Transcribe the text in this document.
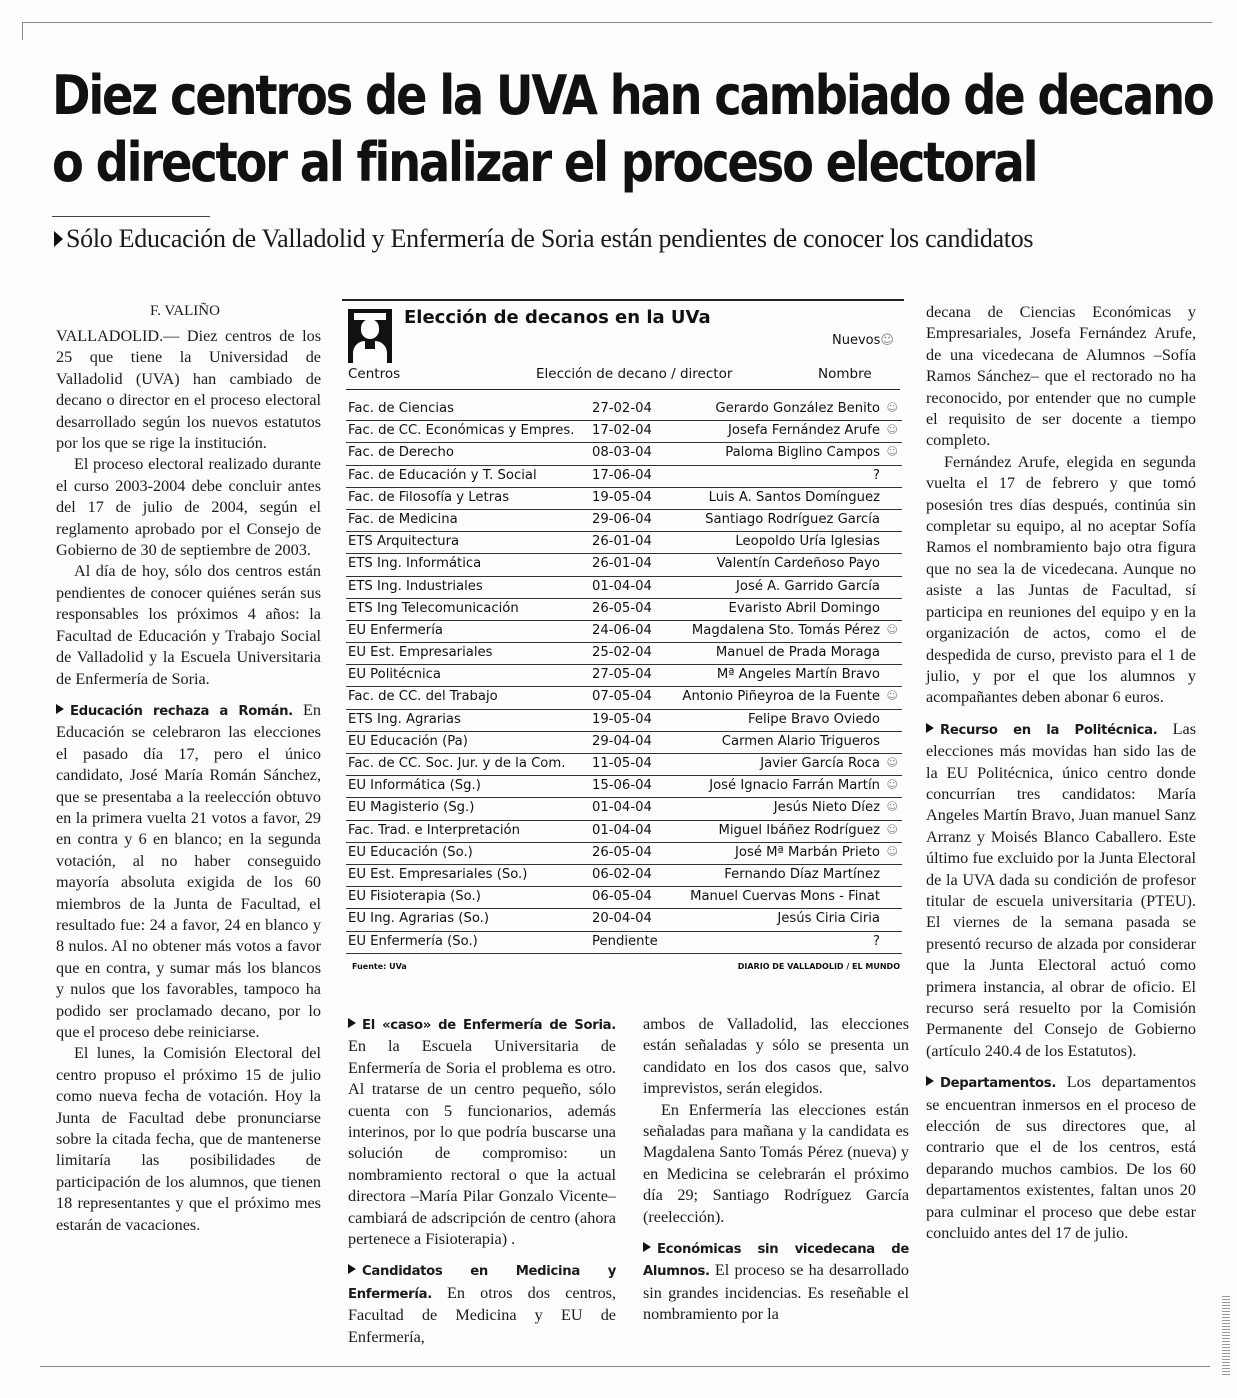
Diez centros de la UVA han cambiado de decano
o director al finalizar el proceso electoral
Sólo Educación de Valladolid y Enfermería de Soria están pendientes de conocer los candidatos
F. VALIÑO

VALLADOLID.— Diez centros de los 25 que tiene la Universidad de Valladolid (UVA) han cambiado de decano o director en el proceso electoral desarrollado según los nuevos estatutos por los que se rige la institución.

El proceso electoral realizado durante el curso 2003-2004 debe concluir antes del 17 de julio de 2004, según el reglamento aprobado por el Consejo de Gobierno de 30 de septiembre de 2003.

Al día de hoy, sólo dos centros están pendientes de conocer quiénes serán sus responsables los próximos 4 años: la Facultad de Educación y Trabajo Social de Valladolid y la Escuela Universitaria de Enfermería de Soria.

Educación rechaza a Román. En Educación se celebraron las elecciones el pasado día 17, pero el único candidato, José María Román Sánchez, que se presentaba a la reelección obtuvo en la primera vuelta 21 votos a favor, 29 en contra y 6 en blanco; en la segunda votación, al no haber conseguido mayoría absoluta exigida de los 60 miembros de la Junta de Facultad, el resultado fue: 24 a favor, 24 en blanco y 8 nulos. Al no obtener más votos a favor que en contra, y sumar más los blancos y nulos que los favorables, tampoco ha podido ser proclamado decano, por lo que el proceso debe reiniciarse.

El lunes, la Comisión Electoral del centro propuso el próximo 15 de julio como nueva fecha de votación. Hoy la Junta de Facultad debe pronunciarse sobre la citada fecha, que de mantenerse limitaría las posibilidades de participación de los alumnos, que tienen 18 representantes y que el próximo mes estarán de vacaciones.

Elección de decanos en la UVa
Nuevos☺
Centros	Elección de decano / director	Nombre
Fac. de Ciencias	27-02-04	Gerardo González Benito ☺
Fac. de CC. Económicas y Empres. 17-02-04	Josefa Fernández Arufe ☺
Fac. de Derecho	08-03-04	Paloma Biglino Campos ☺
Fac. de Educación y T. Social	17-06-04	?
Fac. de Filosofía y Letras	19-05-04	Luis A. Santos Domínguez
Fac. de Medicina	29-06-04	Santiago Rodríguez García
ETS Arquitectura	26-01-04	Leopoldo Uría Iglesias
ETS Ing. Informática	26-01-04	Valentín Cardeñoso Payo
ETS Ing. Industriales	01-04-04	José A. Garrido García
ETS Ing Telecomunicación	26-05-04	Evaristo Abril Domingo
EU Enfermería	24-06-04	Magdalena Sto. Tomás Pérez ☺
EU Est. Empresariales	25-02-04	Manuel de Prada Moraga
EU Politécnica	27-05-04	Mª Angeles Martín Bravo
Fac. de CC. del Trabajo	07-05-04 Antonio Piñeyroa de la Fuente ☺
ETS Ing. Agrarias	19-05-04	Felipe Bravo Oviedo
EU Educación (Pa)	29-04-04	Carmen Alario Trigueros
Fac. de CC. Soc. Jur. y de la Com. 11-05-04	Javier García Roca ☺
EU Informática (Sg.)	15-06-04	José Ignacio Farrán Martín ☺
EU Magisterio (Sg.)	01-04-04	Jesús Nieto Díez ☺
Fac. Trad. e Interpretación	01-04-04	Miguel Ibáñez Rodríguez ☺
EU Educación (So.)	26-05-04	José Mª Marbán Prieto ☺
EU Est. Empresariales (So.)	06-02-04	Fernando Díaz Martínez
EU Fisioterapia (So.)	06-05-04	Manuel Cuervas Mons - Finat
EU Ing. Agrarias (So.)	20-04-04	Jesús Ciria Ciria
EU Enfermería (So.)	Pendiente	?
Fuente: UVa	DIARIO DE VALLADOLID / EL MUNDO

El «caso» de Enfermería de Soria. En la Escuela Universitaria de Enfermería de Soria el problema es otro. Al tratarse de un centro pequeño, sólo cuenta con 5 funcionarios, además interinos, por lo que podría buscarse una solución de compromiso: un nombramiento rectoral o que la actual directora –María Pilar Gonzalo Vicente– cambiará de adscripción de centro (ahora pertenece a Fisioterapia) .

Candidatos en Medicina y Enfermería. En otros dos centros, Facultad de Medicina y EU de Enfermería,

ambos de Valladolid, las elecciones están señaladas y sólo se presenta un candidato en los dos casos que, salvo imprevistos, serán elegidos.

En Enfermería las elecciones están señaladas para mañana y la candidata es Magdalena Santo Tomás Pérez (nueva) y en Medicina se celebrarán el próximo día 29; Santiago Rodríguez García (reelección).

Económicas sin vicedecana de Alumnos. El proceso se ha desarrollado sin grandes incidencias. Es reseñable el nombramiento por la

decana de Ciencias Económicas y Empresariales, Josefa Fernández Arufe, de una vicedecana de Alumnos –Sofía Ramos Sánchez– que el rectorado no ha reconocido, por entender que no cumple el requisito de ser docente a tiempo completo.

Fernández Arufe, elegida en segunda vuelta el 17 de febrero y que tomó posesión tres días después, continúa sin completar su equipo, al no aceptar Sofía Ramos el nombramiento bajo otra figura que no sea la de vicedecana. Aunque no asiste a las Juntas de Facultad, sí participa en reuniones del equipo y en la organización de actos, como el de despedida de curso, previsto para el 1 de julio, y por el que los alumnos y acompañantes deben abonar 6 euros.

Recurso en la Politécnica. Las elecciones más movidas han sido las de la EU Politécnica, único centro donde concurrían tres candidatos: María Angeles Martín Bravo, Juan manuel Sanz Arranz y Moisés Blanco Caballero. Este último fue excluido por la Junta Electoral de la UVA dada su condición de profesor titular de escuela universitaria (PTEU). El viernes de la semana pasada se presentó recurso de alzada por considerar que la Junta Electoral actuó como primera instancia, al obrar de oficio. El recurso será resuelto por la Comisión Permanente del Consejo de Gobierno (artículo 240.4 de los Estatutos).

Departamentos. Los departamentos se encuentran inmersos en el proceso de elección de sus directores que, al contrario que el de los centros, está deparando muchos cambios. De los 60 departamentos existentes, faltan unos 20 para culminar el proceso que debe estar concluido antes del 17 de julio.
